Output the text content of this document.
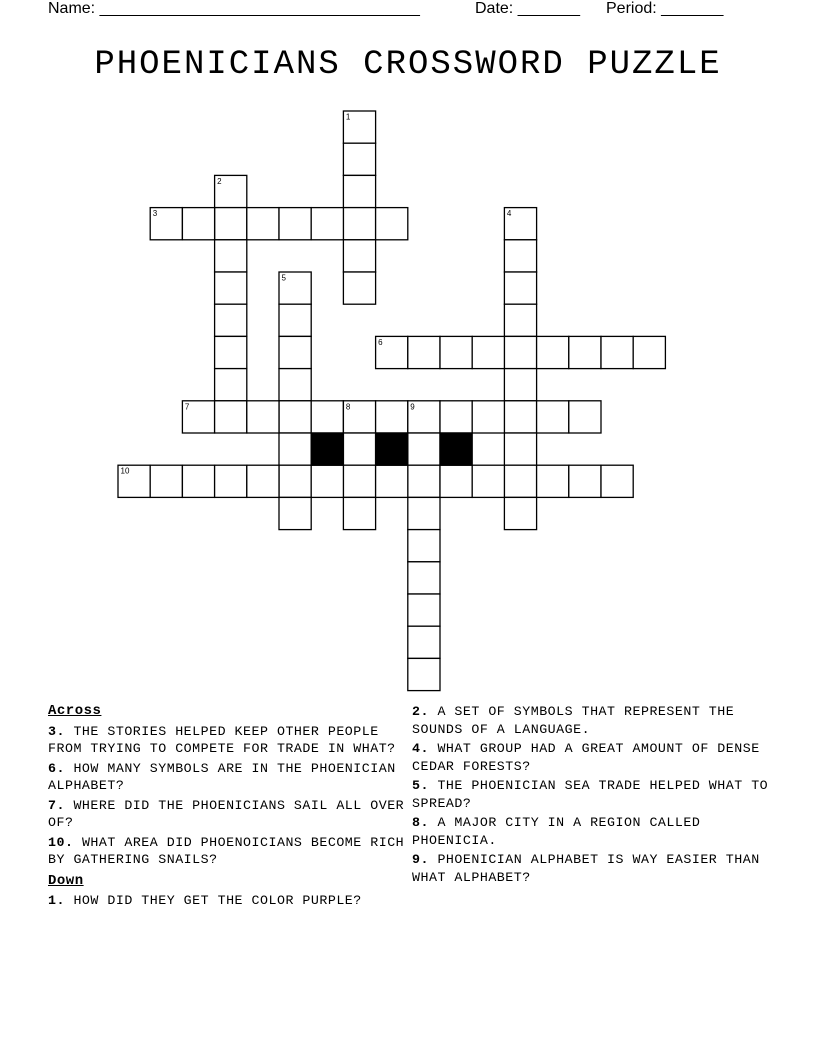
Name: ____________________________________

	Date: _______

Period: _______

PHOENICIANS CROSSWORD PUZZLE
1
2
3	4
5
6
7	8	9
10
Across
3. THE STORIES HELPED KEEP OTHER PEOPLE FROM TRYING TO COMPETE FOR TRADE IN WHAT?
6. HOW MANY SYMBOLS ARE IN THE PHOENICIAN ALPHABET?
7. WHERE DID THE PHOENICIANS SAIL ALL OVER OF?
10. WHAT AREA DID PHOENOICIANS BECOME RICH BY GATHERING SNAILS?
Down
1. HOW DID THEY GET THE COLOR PURPLE?
2. A SET OF SYMBOLS THAT REPRESENT THE SOUNDS OF A LANGUAGE.
4. WHAT GROUP HAD A GREAT AMOUNT OF DENSE CEDAR FORESTS?
5. THE PHOENICIAN SEA TRADE HELPED WHAT TO SPREAD?
8. A MAJOR CITY IN A REGION CALLED PHOENICIA.
9. PHOENICIAN ALPHABET IS WAY EASIER THAN WHAT ALPHABET?
